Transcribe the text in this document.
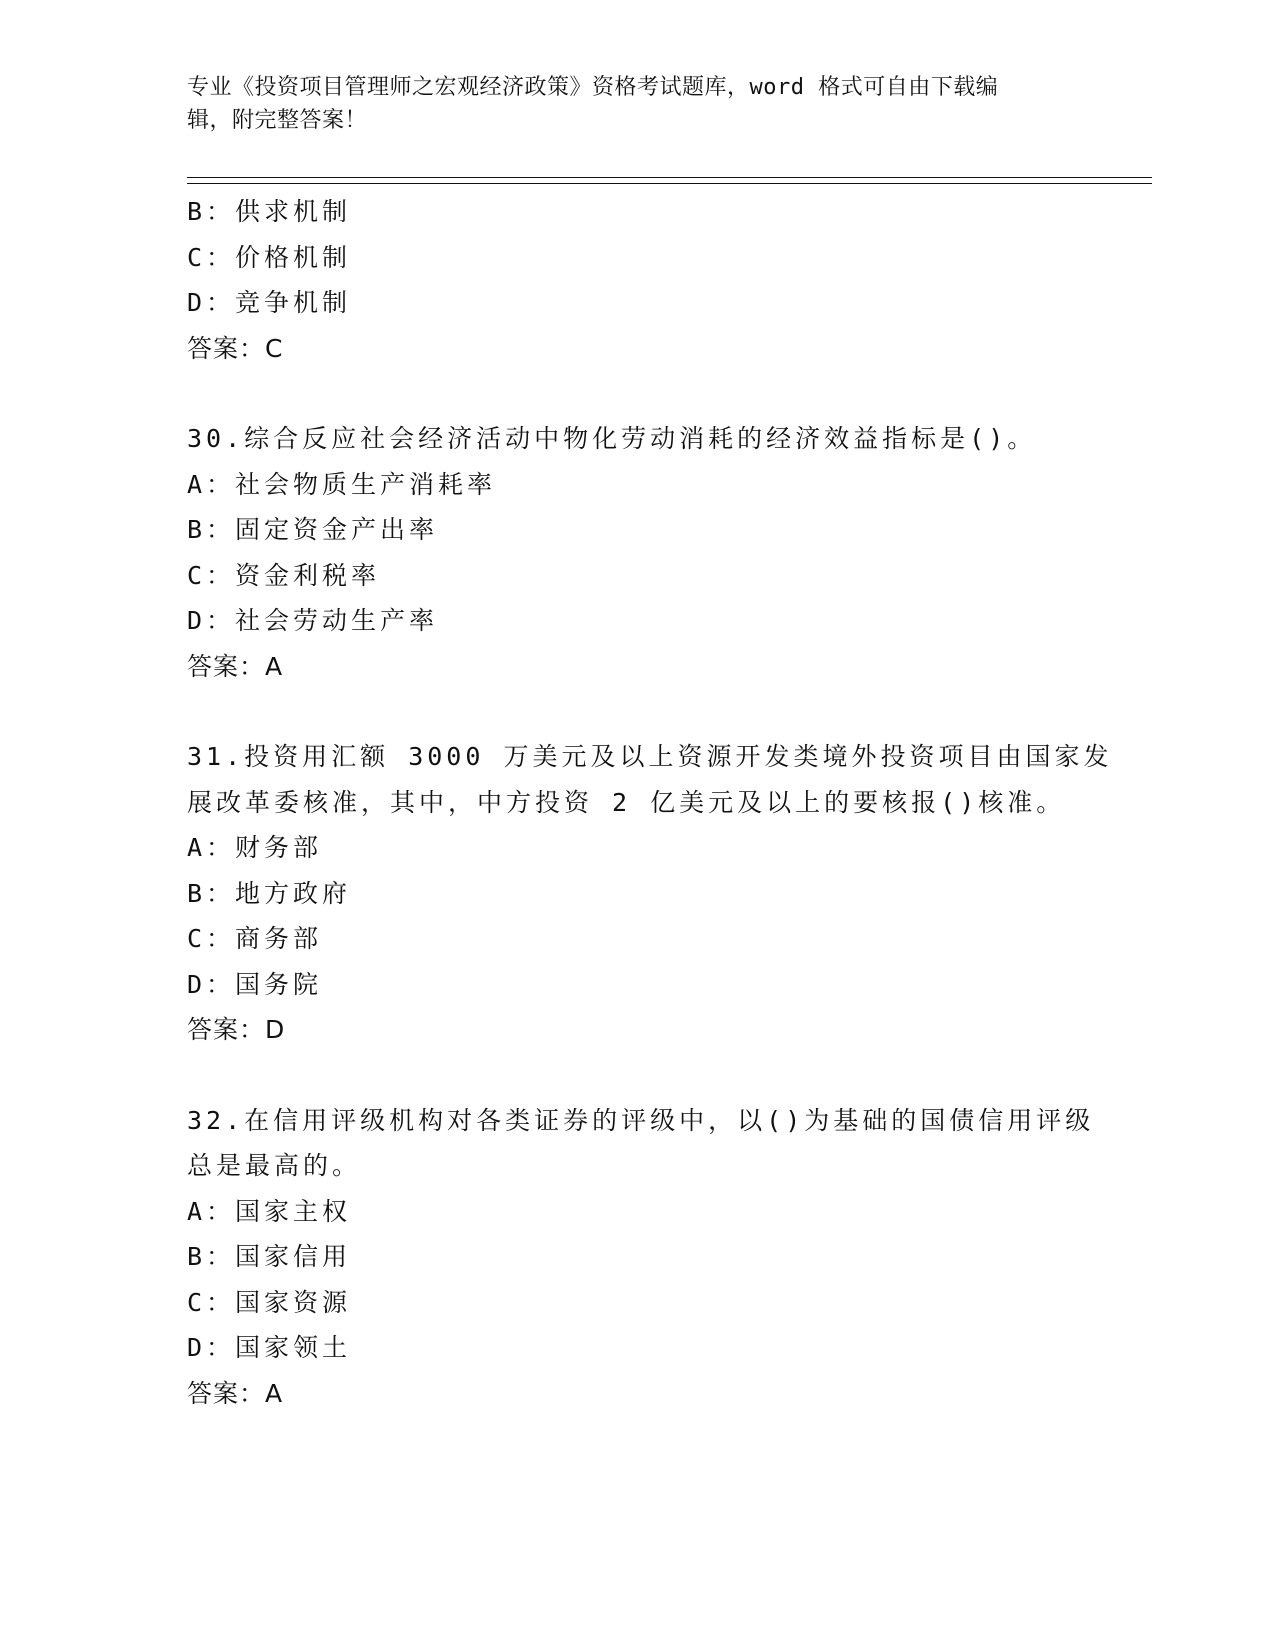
专业《投资项目管理师之宏观经济政策》资格考试题库，word 格式可自由下载编
辑，附完整答案！
B：供求机制
C：价格机制
D：竞争机制
答案：C
30.综合反应社会经济活动中物化劳动消耗的经济效益指标是()。
A：社会物质生产消耗率
B：固定资金产出率
C：资金利税率
D：社会劳动生产率
答案：A
31.投资用汇额 3000 万美元及以上资源开发类境外投资项目由国家发
展改革委核准，其中，中方投资 2 亿美元及以上的要核报()核准。
A：财务部
B：地方政府
C：商务部
D：国务院
答案：D
32.在信用评级机构对各类证券的评级中，以()为基础的国债信用评级
总是最高的。
A：国家主权
B：国家信用
C：国家资源
D：国家领土
答案：A
